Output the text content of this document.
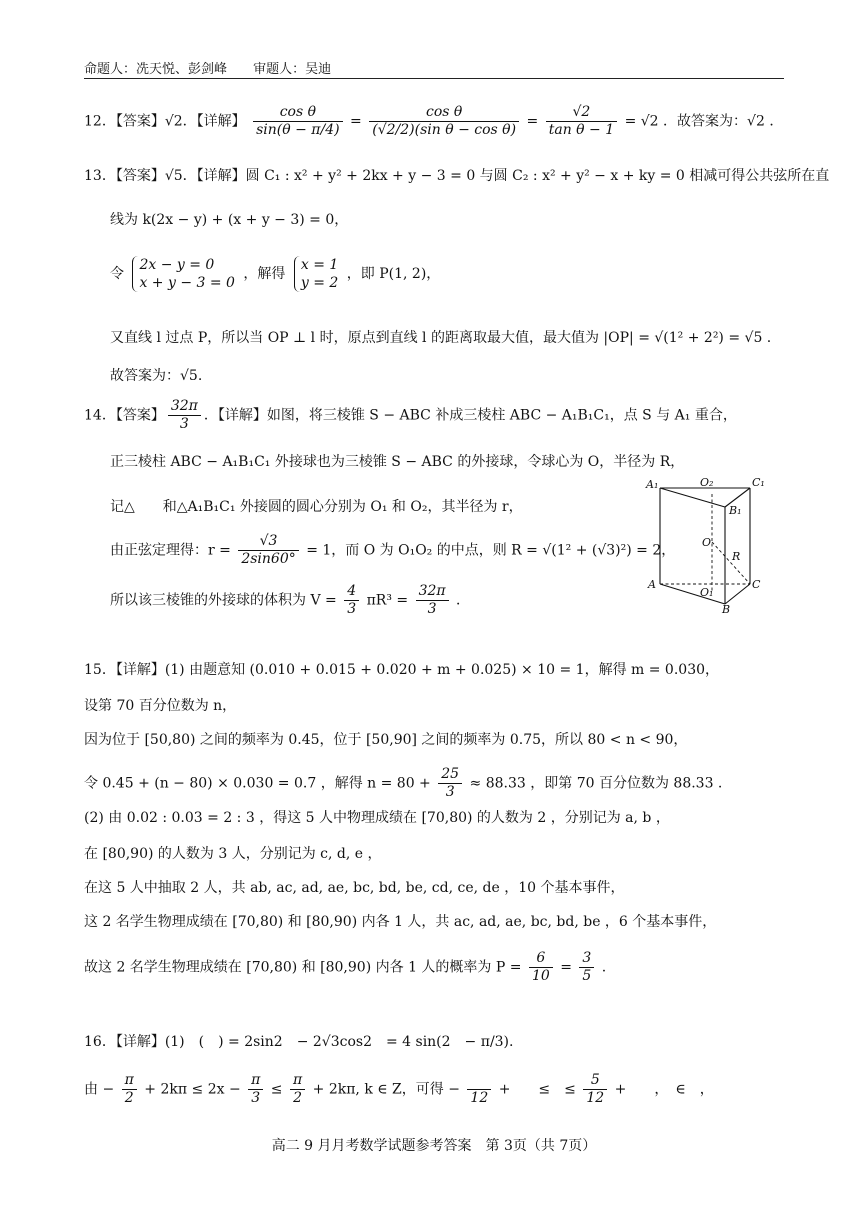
命题人：冼天悦、彭剑峰 审题人：吴迪
12．【答案】√2．【详解】 $\frac{\text{cos θ}}{\sin(\theta - \pi/4)} = \frac{\text{cos θ}}{\text{(√2/2)(sin θ − cos θ)}} = \frac{√2}{\text{tan θ − 1}} = √2$ ．故答案为：√2 ．
13．【答案】√5．【详解】圆 C₁ : x² + y² + 2kx + y − 3 = 0 与圆 C₂ : x² + y² − x + ky = 0 相减可得公共弦所在直
线为 k(2x − y) + (x + y − 3) = 0，
令 2x − y = 0
x + y − 3 = 0 ，解得 x = 1
y = 2 ，即 P(1, 2)，
又直线 l 过点 P，所以当 OP ⊥ l 时，原点到直线 l 的距离取最大值，最大值为 |OP| = √(1² + 2²) = √5 .
故答案为：√5.
14．【答案】 $\frac{32\pi}{3}$ ．【详解】如图，将三棱锥 S − ABC 补成三棱柱 ABC − A₁B₁C₁，点 S 与 A₁ 重合，
正三棱柱 ABC − A₁B₁C₁ 外接球也为三棱锥 S − ABC 的外接球，令球心为 O，半径为 R，
记△　　和△A₁B₁C₁ 外接圆的圆心分别为 O₁ 和 O₂，其半径为 r，
由正弦定理得：$r = \frac{√3}{2\sin 60^\circ} = 1$，而 O 为 O₁O₂ 的中点，则 R = √(1² + (√3)²) = 2，
所以该三棱锥的外接球的体积为 $V = \frac{4}{3} \pi R^3 = \frac{32\pi}{3}$ ．
A₁	O₂	C₁
B₁
O
R
A
O₁
C
B
15．【详解】(1) 由题意知 (0.010 + 0.015 + 0.020 + m + 0.025) × 10 = 1，解得 m = 0.030，
设第 70 百分位数为 n，
因为位于 [50,80) 之间的频率为 0.45，位于 [50,90] 之间的频率为 0.75，所以 80 < n < 90，
令 0.45 + (n − 80) × 0.030 = 0.7 ，解得 $n = 80 + \frac{25}{3} \approx 88.33$ ，即第 70 百分位数为 88.33 .
(2) 由 0.02 : 0.03 = 2 : 3 ，得这 5 人中物理成绩在 [70,80) 的人数为 2 ，分别记为 a, b ，
在 [80,90) 的人数为 3 人，分别记为 c, d, e ，
在这 5 人中抽取 2 人，共 ab, ac, ad, ae, bc, bd, be, cd, ce, de ，10 个基本事件，
这 2 名学生物理成绩在 [70,80) 和 [80,90) 内各 1 人，共 ac, ad, ae, bc, bd, be ，6 个基本事件，
故这 2 名学生物理成绩在 [70,80) 和 [80,90) 内各 1 人的概率为 $P = \frac{6}{10} = \frac{3}{5}$ .
16．【详解】(1)　(　) = 2sin2　− 2√3cos2　= 4 sin(2　− π/3).
由 − $\frac{\pi}{2} + 2k\pi \le 2x - \frac{\pi}{3} \le \frac{\pi}{2} + 2k\pi$, k ∈ Z，可得 −

12
+　　≤　≤ $\frac{5}{12}$ +　　，　∈　，
高二 9 月月考数学试题参考答案　第 3页（共 7页）
